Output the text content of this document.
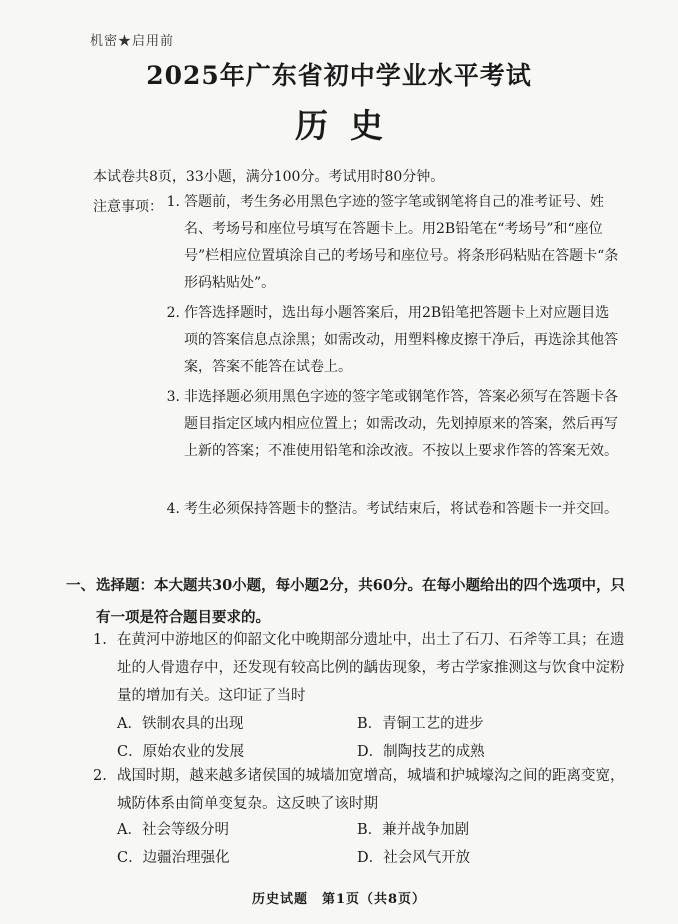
机密★启用前
2025年广东省初中学业水平考试
历史
本试卷共8页，33小题，满分100分。考试用时80分钟。
注意事项： 1. 答题前，考生务必用黑色字迹的签字笔或钢笔将自己的准考证号、姓名、考场号和座位号填写在答题卡上。用2B铅笔在“考场号”和“座位号”栏相应位置填涂自己的考场号和座位号。将条形码粘贴在答题卡“条形码粘贴处”。
2. 作答选择题时，选出每小题答案后，用2B铅笔把答题卡上对应题目选项的答案信息点涂黑；如需改动，用塑料橡皮擦干净后，再选涂其他答案，答案不能答在试卷上。
3. 非选择题必须用黑色字迹的签字笔或钢笔作答，答案必须写在答题卡各题目指定区域内相应位置上；如需改动，先划掉原来的答案，然后再写上新的答案；不准使用铅笔和涂改液。不按以上要求作答的答案无效。
4. 考生必须保持答题卡的整洁。考试结束后，将试卷和答题卡一并交回。
一、 选择题：本大题共30小题，每小题2分，共60分。在每小题给出的四个选项中，只有一项是符合题目要求的。
1. 在黄河中游地区的仰韶文化中晚期部分遗址中，出土了石刀、石斧等工具；在遗址的人骨遗存中，还发现有较高比例的龋齿现象，考古学家推测这与饮食中淀粉量的增加有关。这印证了当时
A．铁制农具的出现	B．青铜工艺的进步
C．原始农业的发展	D．制陶技艺的成熟
2. 战国时期，越来越多诸侯国的城墙加宽增高，城墙和护城壕沟之间的距离变宽，城防体系由简单变复杂。这反映了该时期
A．社会等级分明	B．兼并战争加剧
C．边疆治理强化	D．社会风气开放
历史试题　第1页（共8页）
